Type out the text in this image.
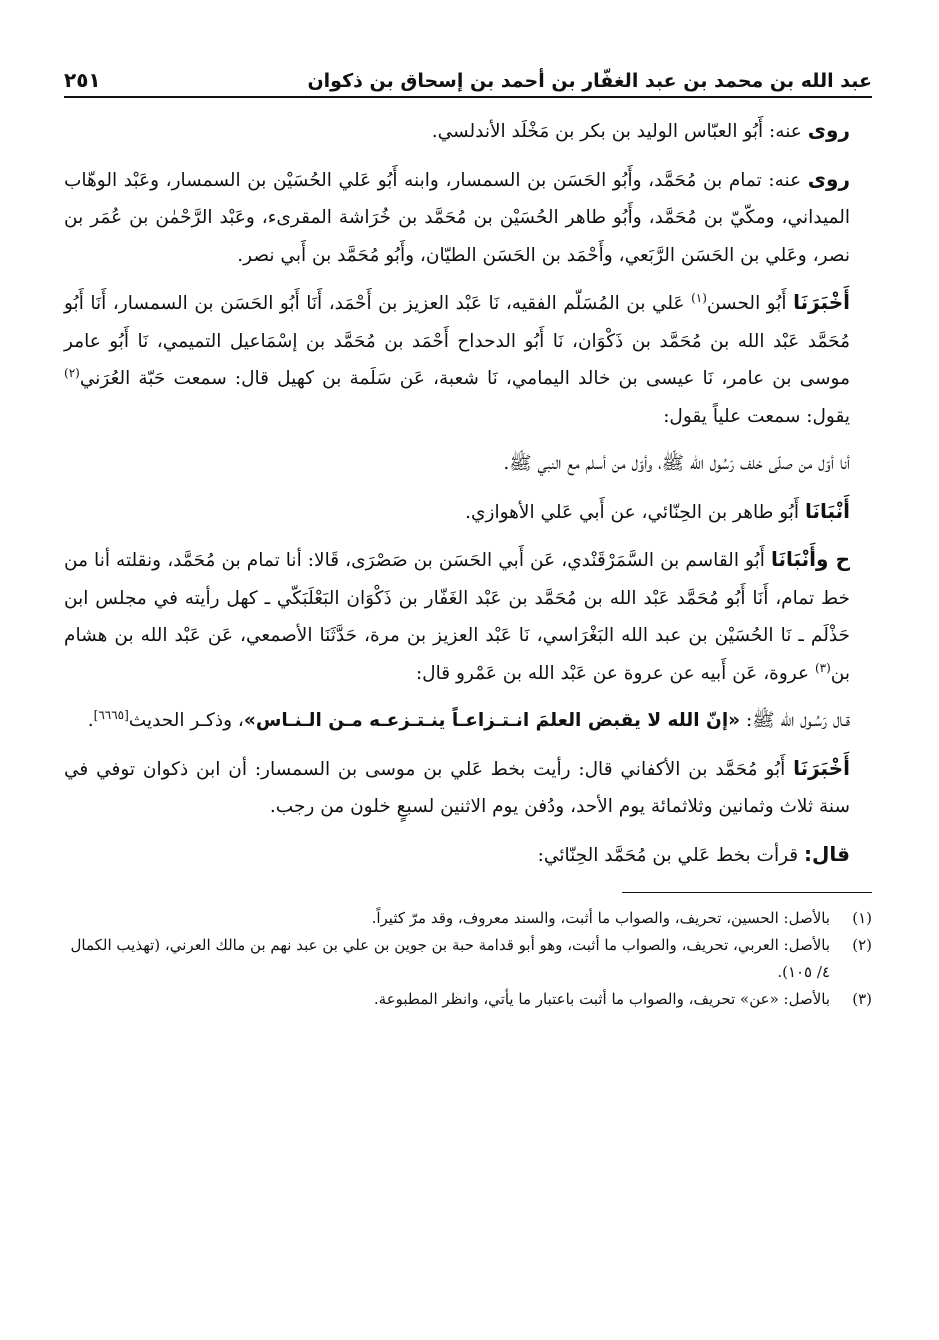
عبد الله بن محمد بن عبد الغفّار بن أحمد بن إسحاق بن ذكوان
٢٥١

روى عنه: أَبُو العبّاس الوليد بن بكر بن مَخْلَد الأندلسي.

روى عنه: تمام بن مُحَمَّد، وأَبُو الحَسَن بن السمسار، وابنه أَبُو عَلي الحُسَيْن بن السمسار، وعَبْد الوهّاب الميداني، ومكّيّ بن مُحَمَّد، وأَبُو طاهر الحُسَيْن بن مُحَمَّد بن خُرَاشة المقرىء، وعَبْد الرَّحْمٰن بن عُمَر بن نصر، وعَلي بن الحَسَن الرَّبَعي، وأَحْمَد بن الحَسَن الطيّان، وأَبُو مُحَمَّد بن أَبي نصر.

أَخْبَرَنَا أَبُو الحسن$^{(١)}$ عَلي بن المُسَلّم الفقيه، نَا عَبْد العزيز بن أَحْمَد، أَنَا أَبُو الحَسَن بن السمسار، أَنَا أَبُو مُحَمَّد عَبْد الله بن مُحَمَّد بن ذَكْوَان، نَا أَبُو الدحداح أَحْمَد بن مُحَمَّد بن إسْمَاعيل التميمي، نَا أَبُو عامر موسى بن عامر، نَا عيسى بن خالد اليمامي، نَا شعبة، عَن سَلَمة بن كهيل قال: سمعت حَبّة العُرَني$^{(٢)}$ يقول: سمعت علياً يقول:

أنا أوّل من صلّى خلف رَسُول الله ﷺ، وأوّل من أسلم مع النبي ﷺ.

أَنْبَانَا أَبُو طاهر بن الحِنّائي، عن أَبي عَلي الأهوازي.

ح وأَنْبَانَا أَبُو القاسم بن السَّمَرْقَنْدي، عَن أَبي الحَسَن بن صَصْرَى، قَالا: أنا تمام بن مُحَمَّد، ونقلته أنا من خط تمام، أَنَا أَبُو مُحَمَّد عَبْد الله بن مُحَمَّد بن عَبْد الغَفّار بن ذَكْوَان البَعْلَبَكّي ـ كهل رأيته في مجلس ابن حَذْلَم ـ نَا الحُسَيْن بن عبد الله البَغْرَاسي، نَا عَبْد العزيز بن مرة، حَدَّثَنَا الأصمعي، عَن عَبْد الله بن هشام بن$^{(٣)}$ عروة، عَن أَبيه عن عروة عن عَبْد الله بن عَمْرو قال:

قـال رَسُـول الله ﷺ: «إنّ الله لا يقبض العلمَ انـتـزاعـاً ينـتـزعـه مـن الـنـاس»، وذكـر الحديث[٦٦٦٥].

أَخْبَرَنَا أَبُو مُحَمَّد بن الأكفاني قال: رأيت بخط عَلي بن موسى بن السمسار: أن ابن ذكوان توفي في سنة ثلاث وثمانين وثلاثمائة يوم الأحد، ودُفن يوم الاثنين لسبعٍ خلون من رجب.

قال: قرأت بخط عَلي بن مُحَمَّد الحِنّائي:

(١)
بالأصل: الحسين، تحريف، والصواب ما أثبت، والسند معروف، وقد مرّ كثيراً.

(٢)
بالأصل: العربي، تحريف، والصواب ما أثبت، وهو أبو قدامة حبة بن جوين بن علي بن عبد نهم بن مالك العرني، (تهذيب الكمال ٤/ ١٠٥).

(٣)
بالأصل: «عن» تحريف، والصواب ما أثبت باعتبار ما يأتي، وانظر المطبوعة.
